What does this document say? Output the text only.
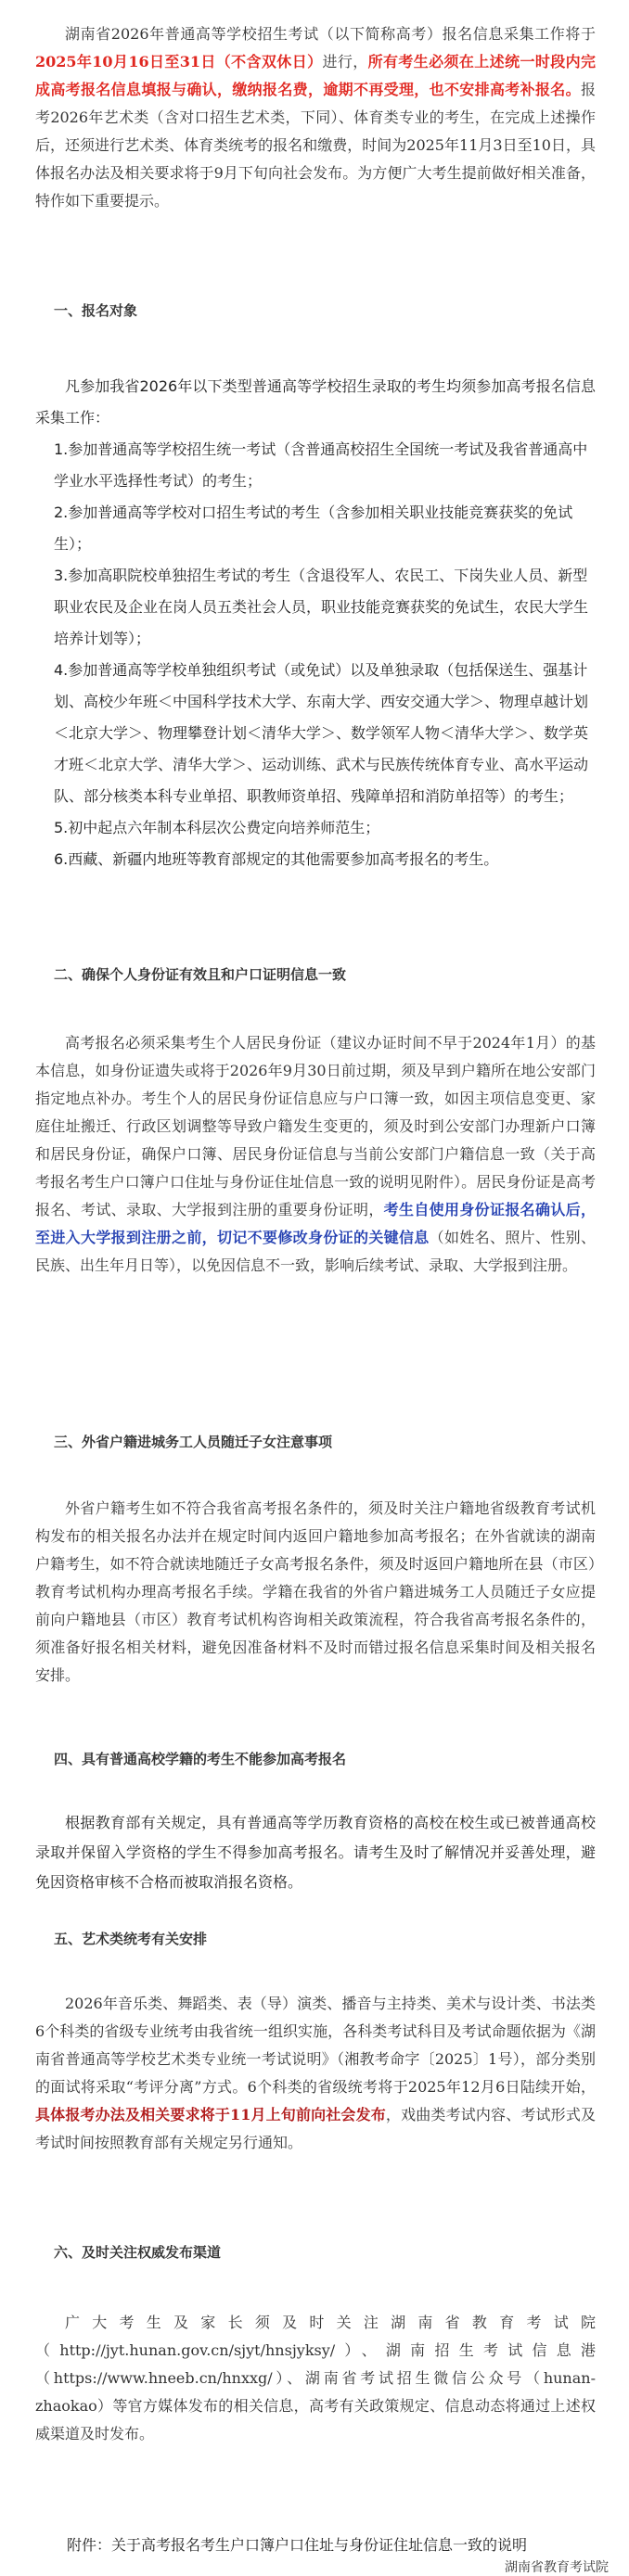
湖南省2026年普通高等学校招生考试（以下简称高考）报名信息采集工作将于2025年10月16日至31日（不含双休日）进行，所有考生必须在上述统一时段内完成高考报名信息填报与确认，缴纳报名费，逾期不再受理，也不安排高考补报名。报考2026年艺术类（含对口招生艺术类，下同）、体育类专业的考生，在完成上述操作后，还须进行艺术类、体育类统考的报名和缴费，时间为2025年11月3日至10日，具体报名办法及相关要求将于9月下旬向社会发布。为方便广大考生提前做好相关准备，特作如下重要提示。

一、报名对象

凡参加我省2026年以下类型普通高等学校招生录取的考生均须参加高考报名信息采集工作：

1.参加普通高等学校招生统一考试（含普通高校招生全国统一考试及我省普通高中学业水平选择性考试）的考生；
2.参加普通高等学校对口招生考试的考生（含参加相关职业技能竞赛获奖的免试生）；
3.参加高职院校单独招生考试的考生（含退役军人、农民工、下岗失业人员、新型职业农民及企业在岗人员五类社会人员，职业技能竞赛获奖的免试生，农民大学生培养计划等）；
4.参加普通高等学校单独组织考试（或免试）以及单独录取（包括保送生、强基计划、高校少年班＜中国科学技术大学、东南大学、西安交通大学＞、物理卓越计划＜北京大学＞、物理攀登计划＜清华大学＞、数学领军人物＜清华大学＞、数学英才班＜北京大学、清华大学＞、运动训练、武术与民族传统体育专业、高水平运动队、部分核类本科专业单招、职教师资单招、残障单招和消防单招等）的考生；
5.初中起点六年制本科层次公费定向培养师范生；
6.西藏、新疆内地班等教育部规定的其他需要参加高考报名的考生。

二、确保个人身份证有效且和户口证明信息一致

高考报名必须采集考生个人居民身份证（建议办证时间不早于2024年1月）的基本信息，如身份证遗失或将于2026年9月30日前过期，须及早到户籍所在地公安部门指定地点补办。考生个人的居民身份证信息应与户口簿一致，如因主项信息变更、家庭住址搬迁、行政区划调整等导致户籍发生变更的，须及时到公安部门办理新户口簿和居民身份证，确保户口簿、居民身份证信息与当前公安部门户籍信息一致（关于高考报名考生户口簿户口住址与身份证住址信息一致的说明见附件）。居民身份证是高考报名、考试、录取、大学报到注册的重要身份证明，考生自使用身份证报名确认后，至进入大学报到注册之前，切记不要修改身份证的关键信息（如姓名、照片、性别、民族、出生年月日等），以免因信息不一致，影响后续考试、录取、大学报到注册。

三、外省户籍进城务工人员随迁子女注意事项

外省户籍考生如不符合我省高考报名条件的，须及时关注户籍地省级教育考试机构发布的相关报名办法并在规定时间内返回户籍地参加高考报名；在外省就读的湖南户籍考生，如不符合就读地随迁子女高考报名条件，须及时返回户籍地所在县（市区）教育考试机构办理高考报名手续。学籍在我省的外省户籍进城务工人员随迁子女应提前向户籍地县（市区）教育考试机构咨询相关政策流程，符合我省高考报名条件的，须准备好报名相关材料，避免因准备材料不及时而错过报名信息采集时间及相关报名安排。

四、具有普通高校学籍的考生不能参加高考报名

根据教育部有关规定，具有普通高等学历教育资格的高校在校生或已被普通高校录取并保留入学资格的学生不得参加高考报名。请考生及时了解情况并妥善处理，避免因资格审核不合格而被取消报名资格。

五、艺术类统考有关安排

2026年音乐类、舞蹈类、表（导）演类、播音与主持类、美术与设计类、书法类6个科类的省级专业统考由我省统一组织实施，各科类考试科目及考试命题依据为《湖南省普通高等学校艺术类专业统一考试说明》（湘教考命字〔2025〕1号），部分类别的面试将采取“考评分离”方式。6个科类的省级统考将于2025年12月6日陆续开始，具体报考办法及相关要求将于11月上旬前向社会发布，戏曲类考试内容、考试形式及考试时间按照教育部有关规定另行通知。

六、及时关注权威发布渠道

广大考生及家长须及时关注湖南省教育考试院（http://jyt.hunan.gov.cn/sjyt/hnsjyksy/）、湖南招生考试信息港（https://www.hneeb.cn/hnxxg/）、湖南省考试招生微信公众号（hunan-zhaokao）等官方媒体发布的相关信息，高考有关政策规定、信息动态将通过上述权威渠道及时发布。

附件：关于高考报名考生户口簿户口住址与身份证住址信息一致的说明
湖南省教育考试院
